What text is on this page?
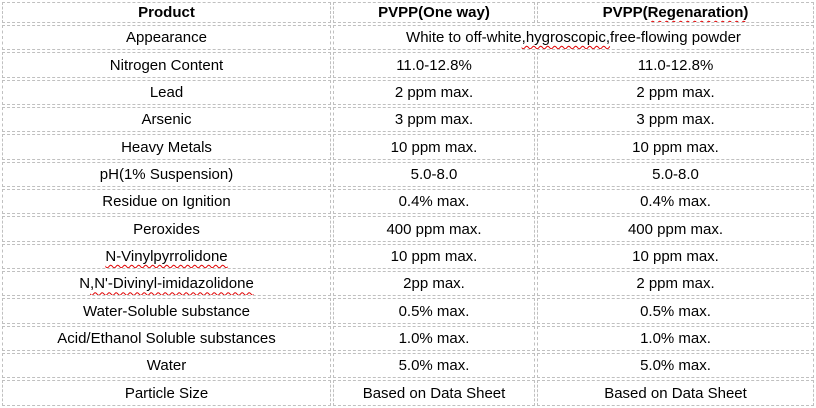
Product	PVPP(One way)	PVPP(Regenaration)
Appearance	White to off-white,hygroscopic,free-flowing powder	
Nitrogen Content	11.0-12.8%	11.0-12.8%
Lead	2 ppm max.	2 ppm max.
Arsenic	3 ppm max.	3 ppm max.
Heavy Metals	10 ppm max.	10 ppm max.
pH(1% Suspension)	5.0-8.0	5.0-8.0
Residue on Ignition	0.4% max.	0.4% max.
Peroxides	400 ppm max.	400 ppm max.
N-Vinylpyrrolidone	10 ppm max.	10 ppm max.
N,N'-Divinyl-imidazolidone	2pp max.	2 ppm max.
Water-Soluble substance	0.5% max.	0.5% max.
Acid/Ethanol Soluble substances	1.0% max.	1.0% max.
Water	5.0% max.	5.0% max.
Particle Size	Based on Data Sheet	Based on Data Sheet
